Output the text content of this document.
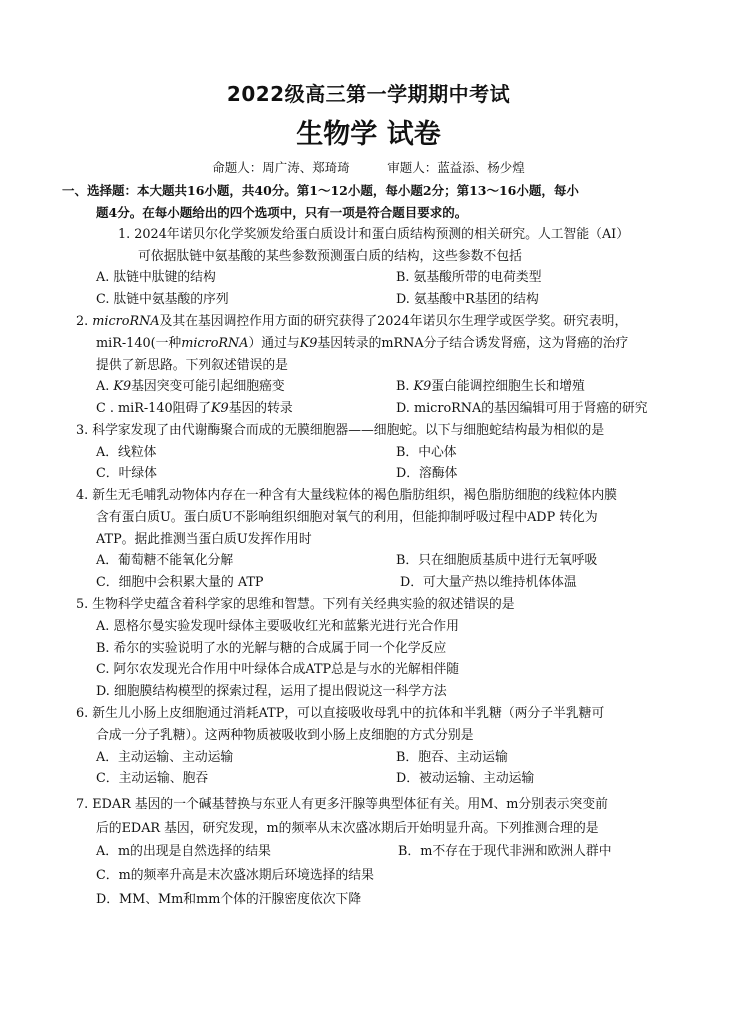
2022级高三第一学期期中考试
生物学 试卷
命题人：周广涛、郑琦琦　　　审题人：蓝益添、杨少煌
一、选择题：本大题共16小题，共40分。第1～12小题，每小题2分；第13～16小题，每小

题4分。在每小题给出的四个选项中，只有一项是符合题目要求的。
1. 2024年诺贝尔化学奖颁发给蛋白质设计和蛋白质结构预测的相关研究。人工智能（AI）
可依据肽链中氨基酸的某些参数预测蛋白质的结构，这些参数不包括
A. 肽链中肽键的结构	B. 氨基酸所带的电荷类型
C. 肽链中氨基酸的序列	D. 氨基酸中R基团的结构
2. microRNA及其在基因调控作用方面的研究获得了2024年诺贝尔生理学或医学奖。研究表明，
miR-140(一种microRNA）通过与K9基因转录的mRNA分子结合诱发肾癌，这为肾癌的治疗
提供了新思路。下列叙述错误的是
A. K9基因突变可能引起细胞癌变	B. K9蛋白能调控细胞生长和增殖
C . miR-140阻碍了K9基因的转录	D. microRNA的基因编辑可用于肾癌的研究
3. 科学家发现了由代谢酶聚合而成的无膜细胞器——细胞蛇。以下与细胞蛇结构最为相似的是
A．线粒体	B．中心体
C．叶绿体	D．溶酶体
4. 新生无毛哺乳动物体内存在一种含有大量线粒体的褐色脂肪组织，褐色脂肪细胞的线粒体内膜
含有蛋白质U。蛋白质U不影响组织细胞对氧气的利用，但能抑制呼吸过程中ADP 转化为
ATP。据此推测当蛋白质U发挥作用时
A．葡萄糖不能氧化分解	B．只在细胞质基质中进行无氧呼吸
C．细胞中会积累大量的 ATP	D．可大量产热以维持机体体温
5. 生物科学史蕴含着科学家的思维和智慧。下列有关经典实验的叙述错误的是
A. 恩格尔曼实验发现叶绿体主要吸收红光和蓝紫光进行光合作用
B. 希尔的实验说明了水的光解与糖的合成属于同一个化学反应
C. 阿尔农发现光合作用中叶绿体合成ATP总是与水的光解相伴随
D. 细胞膜结构模型的探索过程，运用了提出假说这一科学方法
6. 新生儿小肠上皮细胞通过消耗ATP，可以直接吸收母乳中的抗体和半乳糖（两分子半乳糖可
合成一分子乳糖）。这两种物质被吸收到小肠上皮细胞的方式分别是
A．主动运输、主动运输	B．胞吞、主动运输
C．主动运输、胞吞	D．被动运输、主动运输
7. EDAR 基因的一个碱基替换与东亚人有更多汗腺等典型体征有关。用M、m分别表示突变前
后的EDAR 基因，研究发现，m的频率从末次盛冰期后开始明显升高。下列推测合理的是
A．m的出现是自然选择的结果	B．m不存在于现代非洲和欧洲人群中
C．m的频率升高是末次盛冰期后环境选择的结果
D．MM、Mm和mm个体的汗腺密度依次下降
